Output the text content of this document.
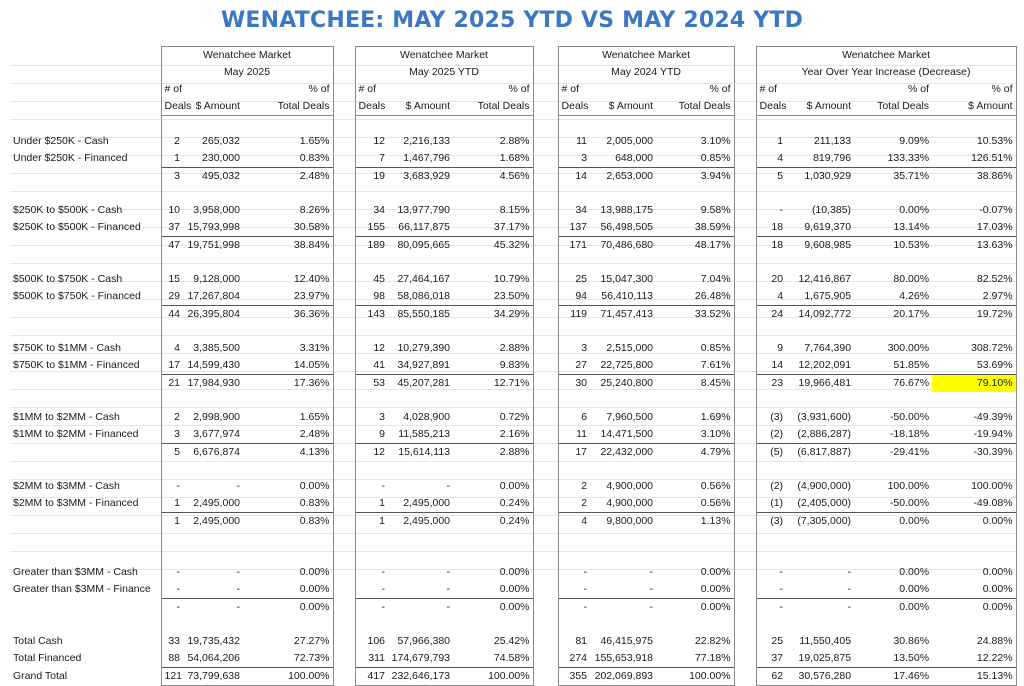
WENATCHEE: MAY 2025 YTD VS MAY 2024 YTD
	Wenatchee Market				Wenatchee Market				Wenatchee Market				Wenatchee Market			
	May 2025				May 2025 YTD				May 2024 YTD				Year Over Year Increase (Decrease)			
	# of		% of		# of		% of		# of		% of		# of		% of	% of
	Deals	$ Amount	Total Deals		Deals	$ Amount	Total Deals		Deals	$ Amount	Total Deals		Deals	$ Amount	Total Deals	$ Amount

Under $250K - Cash	2	265,032	1.65%		12	2,216,133	2.88%		11	2,005,000	3.10%		1	211,133	9.09%	10.53%
Under $250K - Financed	1	230,000	0.83%		7	1,467,796	1.68%		3	648,000	0.85%		4	819,796	133.33%	126.51%
	3	495,032	2.48%		19	3,683,929	4.56%		14	2,653,000	3.94%		5	1,030,929	35.71%	38.86%

$250K to $500K - Cash	10	3,958,000	8.26%		34	13,977,790	8.15%		34	13,988,175	9.58%		-	(10,385)	0.00%	-0.07%
$250K to $500K - Financed	37	15,793,998	30.58%		155	66,117,875	37.17%		137	56,498,505	38.59%		18	9,619,370	13.14%	17.03%
	47	19,751,998	38.84%		189	80,095,665	45.32%		171	70,486,680	48.17%		18	9,608,985	10.53%	13.63%

$500K to $750K - Cash	15	9,128,000	12.40%		45	27,464,167	10.79%		25	15,047,300	7.04%		20	12,416,867	80.00%	82.52%
$500K to $750K - Financed	29	17,267,804	23.97%		98	58,086,018	23.50%		94	56,410,113	26.48%		4	1,675,905	4.26%	2.97%
	44	26,395,804	36.36%		143	85,550,185	34.29%		119	71,457,413	33.52%		24	14,092,772	20.17%	19.72%

$750K to $1MM - Cash	4	3,385,500	3.31%		12	10,279,390	2.88%		3	2,515,000	0.85%		9	7,764,390	300.00%	308.72%
$750K to $1MM - Financed	17	14,599,430	14.05%		41	34,927,891	9.83%		27	22,725,800	7.61%		14	12,202,091	51.85%	53.69%
	21	17,984,930	17.36%		53	45,207,281	12.71%		30	25,240,800	8.45%		23	19,966,481	76.67%	79.10%

$1MM to $2MM - Cash	2	2,998,900	1.65%		3	4,028,900	0.72%		6	7,960,500	1.69%		(3)	(3,931,600)	-50.00%	-49.39%
$1MM to $2MM - Financed	3	3,677,974	2.48%		9	11,585,213	2.16%		11	14,471,500	3.10%		(2)	(2,886,287)	-18.18%	-19.94%
	5	6,676,874	4.13%		12	15,614,113	2.88%		17	22,432,000	4.79%		(5)	(6,817,887)	-29.41%	-30.39%

$2MM to $3MM - Cash	-	-	0.00%		-	-	0.00%		2	4,900,000	0.56%		(2)	(4,900,000)	100.00%	100.00%
$2MM to $3MM - Financed	1	2,495,000	0.83%		1	2,495,000	0.24%		2	4,900,000	0.56%		(1)	(2,405,000)	-50.00%	-49.08%
	1	2,495,000	0.83%		1	2,495,000	0.24%		4	9,800,000	1.13%		(3)	(7,305,000)	0.00%	0.00%

Greater than $3MM - Cash	-	-	0.00%		-	-	0.00%		-	-	0.00%		-	-	0.00%	0.00%
Greater than $3MM - Finance	-	-	0.00%		-	-	0.00%		-	-	0.00%		-	-	0.00%	0.00%
	-	-	0.00%		-	-	0.00%		-	-	0.00%		-	-	0.00%	0.00%

Total Cash	33	19,735,432	27.27%		106	57,966,380	25.42%		81	46,415,975	22.82%		25	11,550,405	30.86%	24.88%
Total Financed	88	54,064,206	72.73%		311	174,679,793	74.58%		274	155,653,918	77.18%		37	19,025,875	13.50%	12.22%
Grand Total	121	73,799,638	100.00%		417	232,646,173	100.00%		355	202,069,893	100.00%		62	30,576,280	17.46%	15.13%
